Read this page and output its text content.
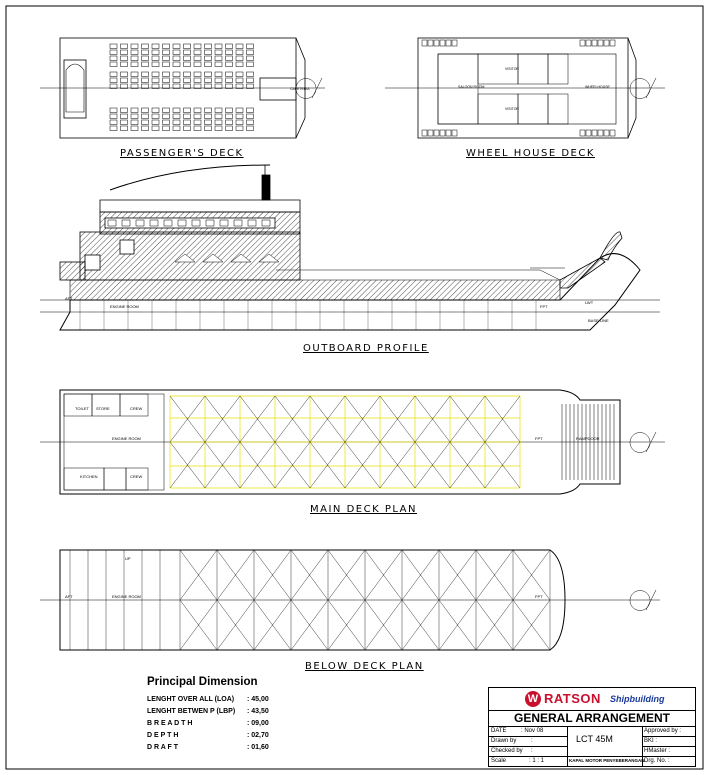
CAFETERIA	SALOON ROOM
VISITOR
VISITOR
WHEELHOUSE
ENGINE ROOM
AFT
FPT
LWT
BASE LINE
TOILET STORE	CREW
KITCHEN	CREW
ENGINE ROOM	FPT	RAMPDOOR
ENGINE ROOM
AFT	FPT
UP
PASSENGER'S DECK	WHEEL HOUSE DECK
OUTBOARD PROFILE
MAIN DECK PLAN
BELOW DECK PLAN
Principal Dimension
LENGHT OVER ALL (LOA) : 45,00
LENGHT BETWEN P (LBP) : 43,50
B R E A D T H	: 09,00
D E P T H	: 02,70
D R A F T	: 01,60
W RATSON Shipbuilding
GENERAL ARRANGEMENT
DATE : Nov 08
Drawn by :
Checked by :
Scale	: 1 : 1
LCT 45M
KAPAL MOTOR PENYEBERANGAN
Approved by :
BKI :
HMaster :
Drg. No. :
